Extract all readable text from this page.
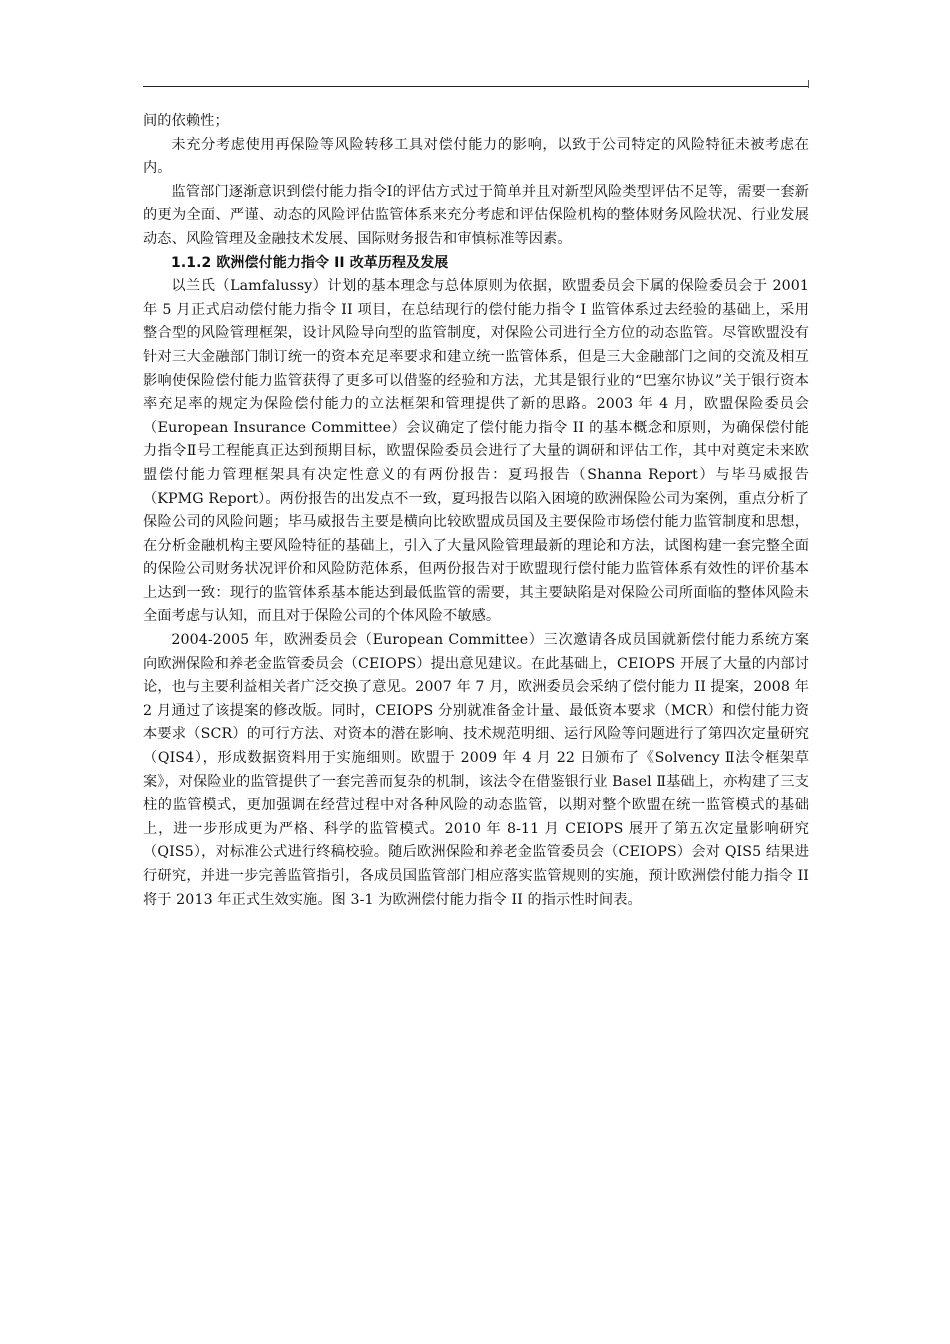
间的依赖性；

未充分考虑使用再保险等风险转移工具对偿付能力的影响，以致于公司特定的风险特征未被考虑在内。

监管部门逐渐意识到偿付能力指令Ⅰ的评估方式过于简单并且对新型风险类型评估不足等，需要一套新的更为全面、严谨、动态的风险评估监管体系来充分考虑和评估保险机构的整体财务风险状况、行业发展动态、风险管理及金融技术发展、国际财务报告和审慎标准等因素。

1.1.2 欧洲偿付能力指令 II 改革历程及发展

以兰氏（Lamfalussy）计划的基本理念与总体原则为依据，欧盟委员会下属的保险委员会于 2001 年 5 月正式启动偿付能力指令 II 项目，在总结现行的偿付能力指令 I 监管体系过去经验的基础上，采用整合型的风险管理框架，设计风险导向型的监管制度，对保险公司进行全方位的动态监管。尽管欧盟没有针对三大金融部门制订统一的资本充足率要求和建立统一监管体系，但是三大金融部门之间的交流及相互影响使保险偿付能力监管获得了更多可以借鉴的经验和方法，尤其是银行业的“巴塞尔协议”关于银行资本率充足率的规定为保险偿付能力的立法框架和管理提供了新的思路。2003 年 4 月，欧盟保险委员会（European Insurance Committee）会议确定了偿付能力指令 II 的基本概念和原则，为确保偿付能力指令Ⅱ号工程能真正达到预期目标，欧盟保险委员会进行了大量的调研和评估工作，其中对奠定未来欧盟偿付能力管理框架具有决定性意义的有两份报告：夏玛报告（Shanna Report）与毕马威报告（KPMG Report）。两份报告的出发点不一致，夏玛报告以陷入困境的欧洲保险公司为案例，重点分析了保险公司的风险问题；毕马威报告主要是横向比较欧盟成员国及主要保险市场偿付能力监管制度和思想，在分析金融机构主要风险特征的基础上，引入了大量风险管理最新的理论和方法，试图构建一套完整全面的保险公司财务状况评价和风险防范体系，但两份报告对于欧盟现行偿付能力监管体系有效性的评价基本上达到一致：现行的监管体系基本能达到最低监管的需要，其主要缺陷是对保险公司所面临的整体风险未全面考虑与认知，而且对于保险公司的个体风险不敏感。

2004-2005 年，欧洲委员会（European Committee）三次邀请各成员国就新偿付能力系统方案向欧洲保险和养老金监管委员会（CEIOPS）提出意见建议。在此基础上，CEIOPS 开展了大量的内部讨论，也与主要利益相关者广泛交换了意见。2007 年 7 月，欧洲委员会采纳了偿付能力 II 提案，2008 年 2 月通过了该提案的修改版。同时，CEIOPS 分别就准备金计量、最低资本要求（MCR）和偿付能力资本要求（SCR）的可行方法、对资本的潜在影响、技术规范明细、运行风险等问题进行了第四次定量研究（QIS4），形成数据资料用于实施细则。欧盟于 2009 年 4 月 22 日颁布了《Solvency Ⅱ法令框架草案》，对保险业的监管提供了一套完善而复杂的机制，该法令在借鉴银行业 Basel Ⅱ基础上，亦构建了三支柱的监管模式，更加强调在经营过程中对各种风险的动态监管，以期对整个欧盟在统一监管模式的基础上，进一步形成更为严格、科学的监管模式。2010 年 8-11 月 CEIOPS 展开了第五次定量影响研究（QIS5），对标准公式进行终稿校验。随后欧洲保险和养老金监管委员会（CEIOPS）会对 QIS5 结果进行研究，并进一步完善监管指引，各成员国监管部门相应落实监管规则的实施，预计欧洲偿付能力指令 II 将于 2013 年正式生效实施。图 3-1 为欧洲偿付能力指令 II 的指示性时间表。
